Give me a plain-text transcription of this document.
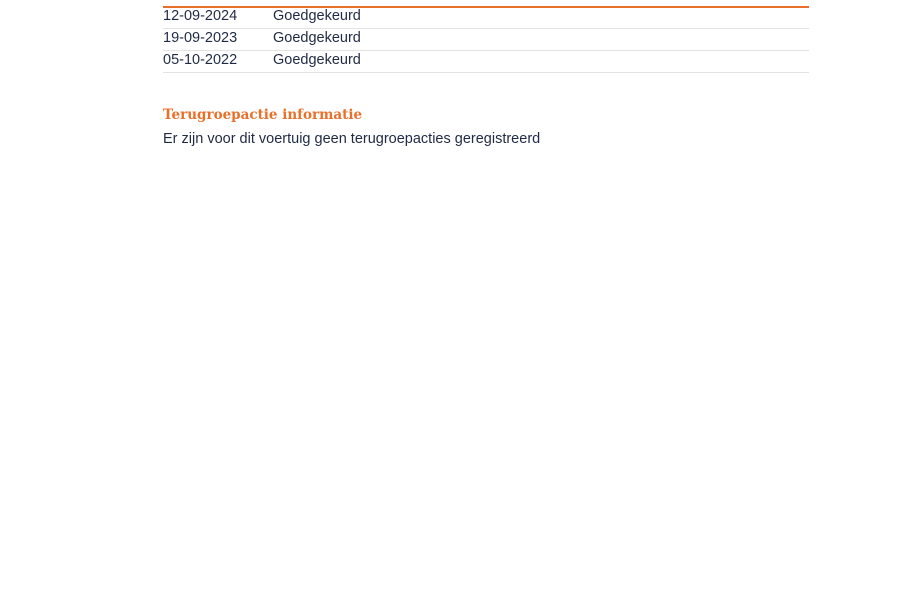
12-09-2024	Goedgekeurd
19-09-2023	Goedgekeurd
05-10-2022	Goedgekeurd
Terugroepactie informatie
Er zijn voor dit voertuig geen terugroepacties geregistreerd
